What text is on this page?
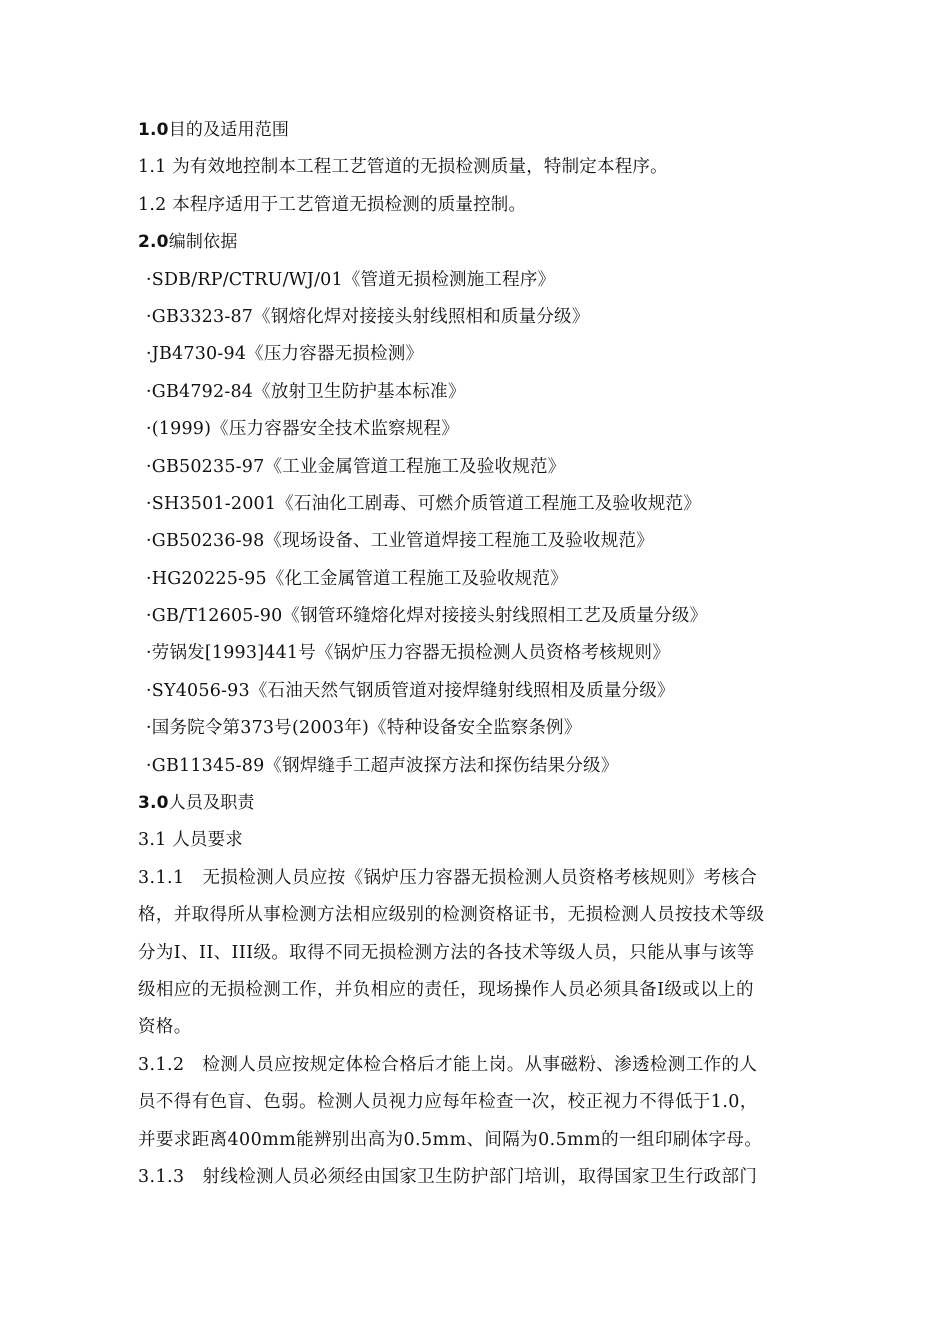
1.0目的及适用范围
1.1 为有效地控制本工程工艺管道的无损检测质量，特制定本程序。
1.2 本程序适用于工艺管道无损检测的质量控制。
2.0编制依据
·SDB/RP/CTRU/WJ/01《管道无损检测施工程序》
·GB3323-87《钢熔化焊对接接头射线照相和质量分级》
·JB4730-94《压力容器无损检测》
·GB4792-84《放射卫生防护基本标准》
·(1999)《压力容器安全技术监察规程》
·GB50235-97《工业金属管道工程施工及验收规范》
·SH3501-2001《石油化工剧毒、可燃介质管道工程施工及验收规范》
·GB50236-98《现场设备、工业管道焊接工程施工及验收规范》
·HG20225-95《化工金属管道工程施工及验收规范》
·GB/T12605-90《钢管环缝熔化焊对接接头射线照相工艺及质量分级》
·劳锅发[1993]441号《锅炉压力容器无损检测人员资格考核规则》
·SY4056-93《石油天然气钢质管道对接焊缝射线照相及质量分级》
·国务院令第373号(2003年)《特种设备安全监察条例》
·GB11345-89《钢焊缝手工超声波探方法和探伤结果分级》
3.0人员及职责
3.1 人员要求
3.1.1　无损检测人员应按《锅炉压力容器无损检测人员资格考核规则》考核合
格，并取得所从事检测方法相应级别的检测资格证书，无损检测人员按技术等级
分为I、II、III级。取得不同无损检测方法的各技术等级人员，只能从事与该等
级相应的无损检测工作，并负相应的责任，现场操作人员必须具备I级或以上的
资格。
3.1.2　检测人员应按规定体检合格后才能上岗。从事磁粉、渗透检测工作的人
员不得有色盲、色弱。检测人员视力应每年检查一次，校正视力不得低于1.0，
并要求距离400mm能辨别出高为0.5mm、间隔为0.5mm的一组印刷体字母。
3.1.3　射线检测人员必须经由国家卫生防护部门培训，取得国家卫生行政部门
